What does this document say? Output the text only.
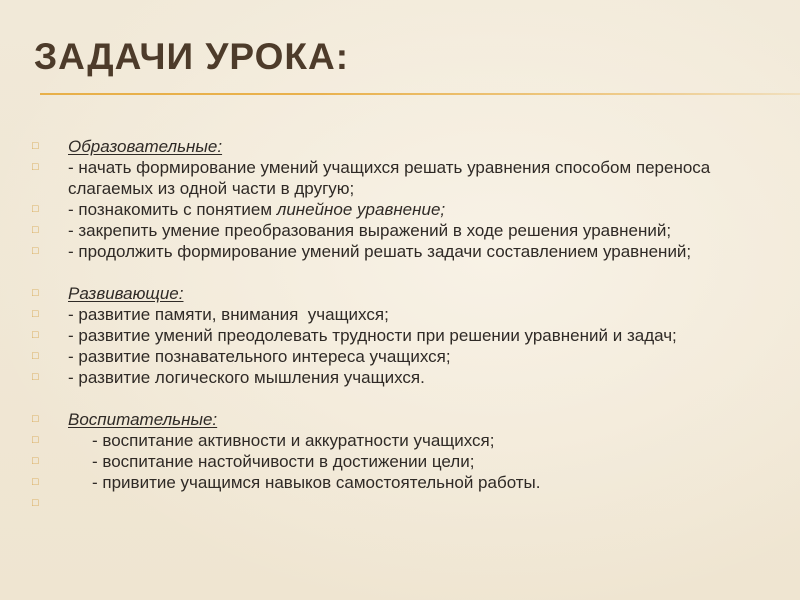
ЗАДАЧИ УРОКА:
□	Образовательные:
□	- начать формирование умений учащихся решать уравнения способом переноса слагаемых из одной части в другую;
□	- познакомить с понятием линейное уравнение;
□	- закрепить умение преобразования выражений в ходе решения уравнений;
□	- продолжить формирование умений решать задачи составлением уравнений;
□	Развивающие:
□	- развитие памяти, внимания  учащихся;
□	- развитие умений преодолевать трудности при решении уравнений и задач;
□	- развитие познавательного интереса учащихся;
□	- развитие логического мышления учащихся.
□	Воспитательные:
□	- воспитание активности и аккуратности учащихся;
□	- воспитание настойчивости в достижении цели;
□	- привитие учащимся навыков самостоятельной работы.
□
